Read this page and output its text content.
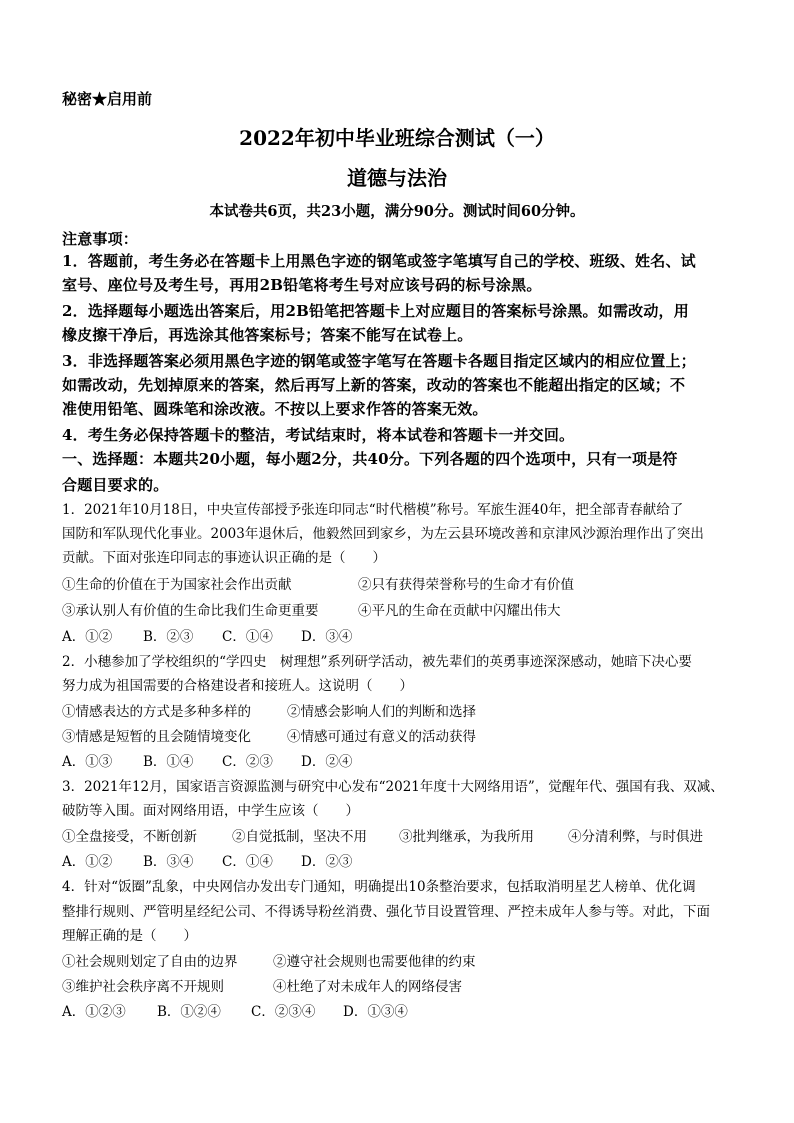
秘密★启用前
2022年初中毕业班综合测试（一）
道德与法治
本试卷共6页，共23小题，满分90分。测试时间60分钟。
注意事项：
1．答题前，考生务必在答题卡上用黑色字迹的钢笔或签字笔填写自己的学校、班级、姓名、试
室号、座位号及考生号，再用2B铅笔将考生号对应该号码的标号涂黑。
2．选择题每小题选出答案后，用2B铅笔把答题卡上对应题目的答案标号涂黑。如需改动，用
橡皮擦干净后，再选涂其他答案标号；答案不能写在试卷上。
3．非选择题答案必须用黑色字迹的钢笔或签字笔写在答题卡各题目指定区域内的相应位置上；
如需改动，先划掉原来的答案，然后再写上新的答案，改动的答案也不能超出指定的区域；不
准使用铅笔、圆珠笔和涂改液。不按以上要求作答的答案无效。
4．考生务必保持答题卡的整洁，考试结束时，将本试卷和答题卡一并交回。
一、选择题：本题共20小题，每小题2分，共40分。下列各题的四个选项中，只有一项是符
合题目要求的。
1．2021年10月18日，中央宣传部授予张连印同志“时代楷模”称号。军旅生涯40年，把全部青春献给了
国防和军队现代化事业。2003年退休后，他毅然回到家乡，为左云县环境改善和京津风沙源治理作出了突出
贡献。下面对张连印同志的事迹认识正确的是（　　）
①生命的价值在于为国家社会作出贡献	②只有获得荣誉称号的生命才有价值
③承认别人有价值的生命比我们生命更重要	④平凡的生命在贡献中闪耀出伟大
A．①② B．②③ C．①④ D．③④
2．小穗参加了学校组织的“学四史　树理想”系列研学活动，被先辈们的英勇事迹深深感动，她暗下决心要
努力成为祖国需要的合格建设者和接班人。这说明（　　）
①情感表达的方式是多种多样的	②情感会影响人们的判断和选择
③情感是短暂的且会随情境变化	④情感可通过有意义的活动获得
A．①③ B．①④ C．②③ D．②④
3．2021年12月，国家语言资源监测与研究中心发布“2021年度十大网络用语”，觉醒年代、强国有我、双减、
破防等入围。面对网络用语，中学生应该（　　）
①全盘接受，不断创新	②自觉抵制，坚决不用 ③批判继承，为我所用	④分清利弊，与时俱进
A．①② B．③④ C．①④ D．②③
4．针对“饭圈”乱象，中央网信办发出专门通知，明确提出10条整治要求，包括取消明星艺人榜单、优化调
整排行规则、严管明星经纪公司、不得诱导粉丝消费、强化节目设置管理、严控未成年人参与等。对此，下面
理解正确的是（　　）
①社会规则划定了自由的边界	②遵守社会规则也需要他律的约束
③维护社会秩序离不开规则	④杜绝了对未成年人的网络侵害
A．①②③ B．①②④ C．②③④ D．①③④
